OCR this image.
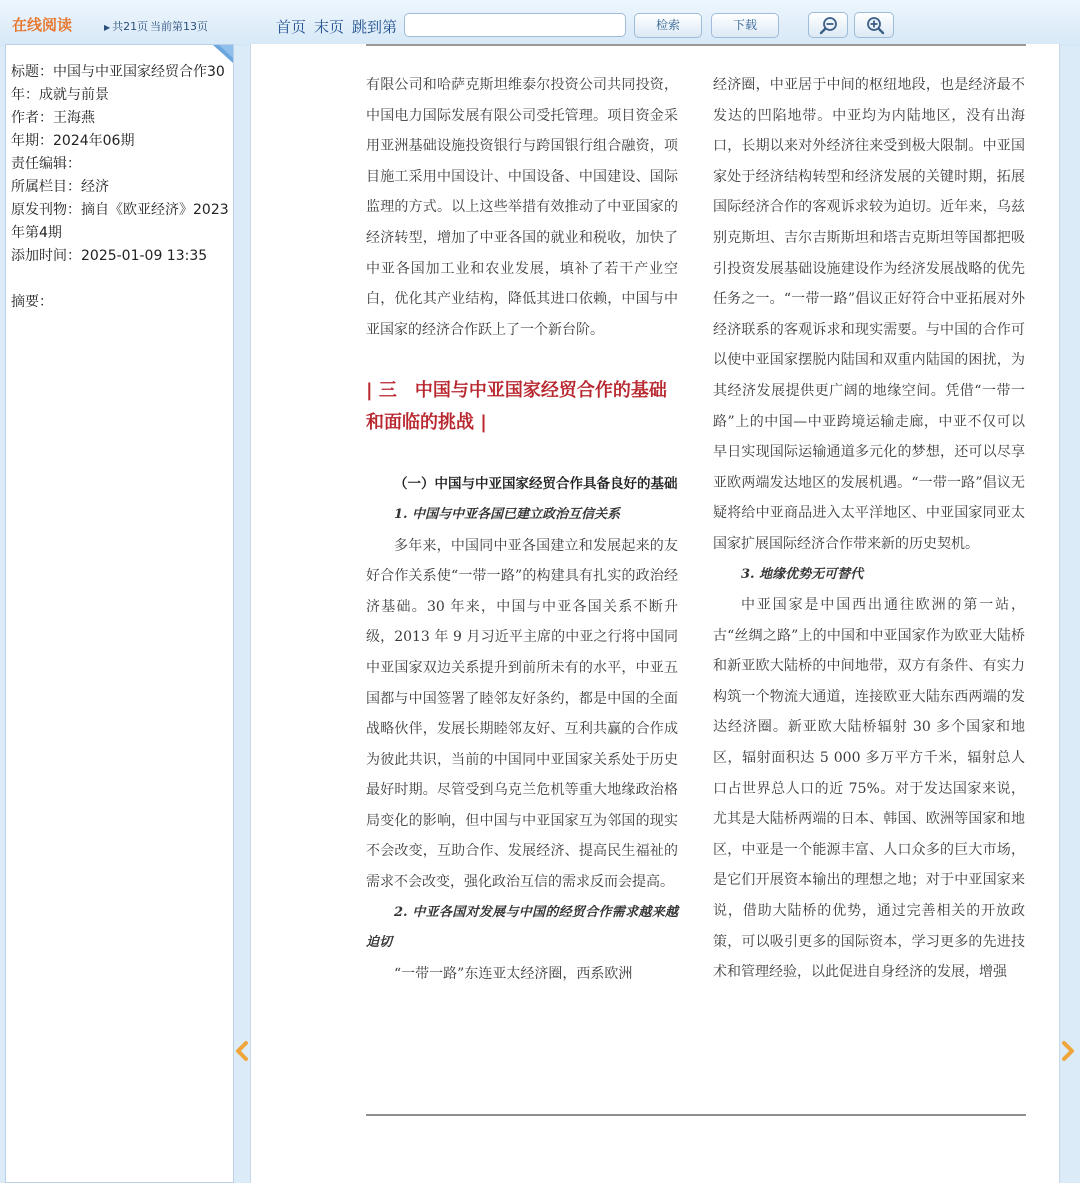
在线阅读	▶ 共21页 当前第13页	首页 末页 跳到第	检索	下载
标题：中国与中亚国家经贸合作30年：成就与前景
作者：王海燕
年期：2024年06期
责任编辑：
所属栏目：经济
原发刊物：摘自《欧亚经济》2023年第4期
添加时间：2025-01-09 13:35
摘要：

有限公司和哈萨克斯坦维泰尔投资公司共同投资，中国电力国际发展有限公司受托管理。项目资金采用亚洲基础设施投资银行与跨国银行组合融资，项目施工采用中国设计、中国设备、中国建设、国际监理的方式。以上这些举措有效推动了中亚国家的经济转型，增加了中亚各国的就业和税收，加快了中亚各国加工业和农业发展，填补了若干产业空白，优化其产业结构，降低其进口依赖，中国与中亚国家的经济合作跃上了一个新台阶。

| 三　中国与中亚国家经贸合作的基础和面临的挑战 |

（一）中国与中亚国家经贸合作具备良好的基础

1. 中国与中亚各国已建立政治互信关系

多年来，中国同中亚各国建立和发展起来的友好合作关系使“一带一路”的构建具有扎实的政治经济基础。30 年来，中国与中亚各国关系不断升级，2013 年 9 月习近平主席的中亚之行将中国同中亚国家双边关系提升到前所未有的水平，中亚五国都与中国签署了睦邻友好条约，都是中国的全面战略伙伴，发展长期睦邻友好、互利共赢的合作成为彼此共识，当前的中国同中亚国家关系处于历史最好时期。尽管受到乌克兰危机等重大地缘政治格局变化的影响，但中国与中亚国家互为邻国的现实不会改变，互助合作、发展经济、提高民生福祉的需求不会改变，强化政治互信的需求反而会提高。

2. 中亚各国对发展与中国的经贸合作需求越来越迫切

“一带一路”东连亚太经济圈，西系欧洲

经济圈，中亚居于中间的枢纽地段，也是经济最不发达的凹陷地带。中亚均为内陆地区，没有出海口，长期以来对外经济往来受到极大限制。中亚国家处于经济结构转型和经济发展的关键时期，拓展国际经济合作的客观诉求较为迫切。近年来，乌兹别克斯坦、吉尔吉斯斯坦和塔吉克斯坦等国都把吸引投资发展基础设施建设作为经济发展战略的优先任务之一。“一带一路”倡议正好符合中亚拓展对外经济联系的客观诉求和现实需要。与中国的合作可以使中亚国家摆脱内陆国和双重内陆国的困扰，为其经济发展提供更广阔的地缘空间。凭借“一带一路”上的中国—中亚跨境运输走廊，中亚不仅可以早日实现国际运输通道多元化的梦想，还可以尽享亚欧两端发达地区的发展机遇。“一带一路”倡议无疑将给中亚商品进入太平洋地区、中亚国家同亚太国家扩展国际经济合作带来新的历史契机。

3. 地缘优势无可替代

中亚国家是中国西出通往欧洲的第一站，古“丝绸之路”上的中国和中亚国家作为欧亚大陆桥和新亚欧大陆桥的中间地带，双方有条件、有实力构筑一个物流大通道，连接欧亚大陆东西两端的发达经济圈。新亚欧大陆桥辐射 30 多个国家和地区，辐射面积达 5 000 多万平方千米，辐射总人口占世界总人口的近 75%。对于发达国家来说，尤其是大陆桥两端的日本、韩国、欧洲等国家和地区，中亚是一个能源丰富、人口众多的巨大市场，是它们开展资本输出的理想之地；对于中亚国家来说，借助大陆桥的优势，通过完善相关的开放政策，可以吸引更多的国际资本，学习更多的先进技术和管理经验，以此促进自身经济的发展，增强
